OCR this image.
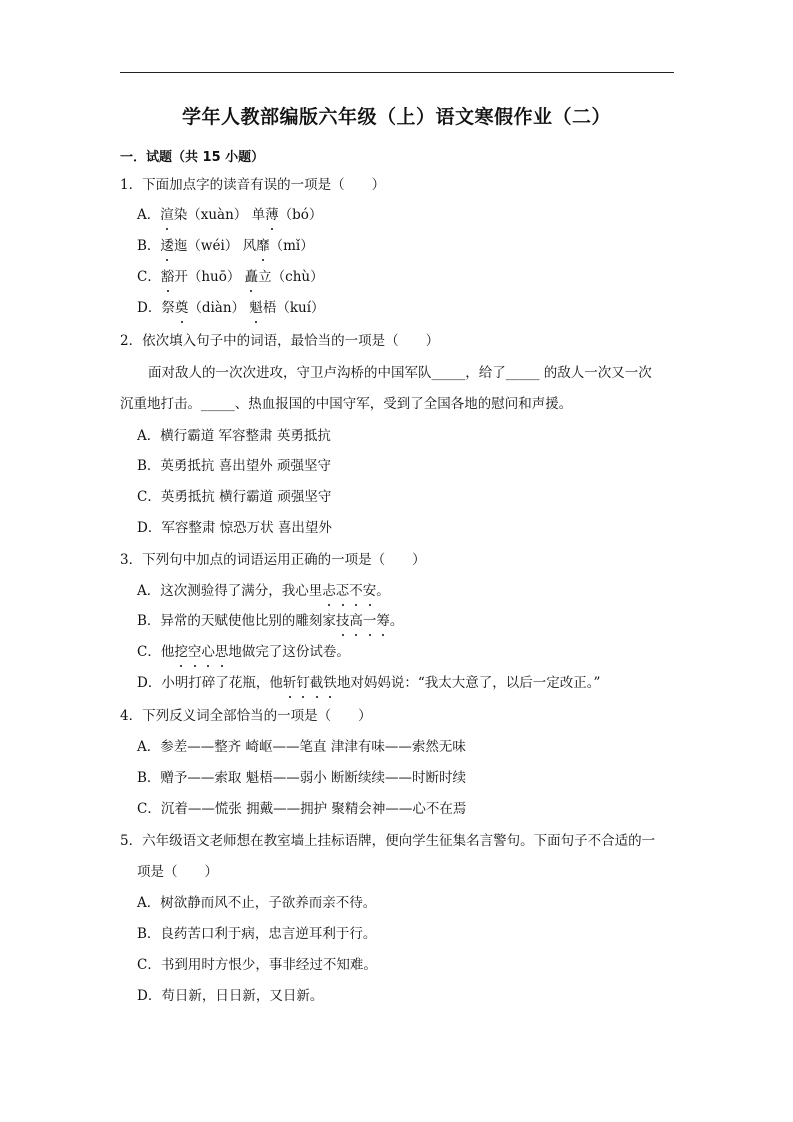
学年人教部编版六年级（上）语文寒假作业（二）
一．试题（共 15 小题）
1．下面加点字的读音有误的一项是（　　）
A．渲染（xuàn） 单薄（bó）
B．逶迤（wéi） 风靡（mǐ）
C．豁开（huō） 矗立（chù）
D．祭奠（diàn） 魁梧（kuí）
2．依次填入句子中的词语，最恰当的一项是（　　）
面对敌人的一次次进攻，守卫卢沟桥的中国军队_____，给了_____ 的敌人一次又一次
沉重地打击。_____、热血报国的中国守军，受到了全国各地的慰问和声援。
A．横行霸道 军容整肃 英勇抵抗
B．英勇抵抗 喜出望外 顽强坚守
C．英勇抵抗 横行霸道 顽强坚守
D．军容整肃 惊恐万状 喜出望外
3．下列句中加点的词语运用正确的一项是（　　）
A．这次测验得了满分，我心里忐忑不安。
B．异常的天赋使他比别的雕刻家技高一筹。
C．他挖空心思地做完了这份试卷。
D．小明打碎了花瓶，他斩钉截铁地对妈妈说：“我太大意了，以后一定改正。”
4．下列反义词全部恰当的一项是（　　）
A．参差——整齐 崎岖——笔直 津津有味——索然无味
B．赠予——索取 魁梧——弱小 断断续续——时断时续
C．沉着——慌张 拥戴——拥护 聚精会神——心不在焉
5．六年级语文老师想在教室墙上挂标语牌，便向学生征集名言警句。下面句子不合适的一
项是（　　）
A．树欲静而风不止，子欲养而亲不待。
B．良药苦口利于病，忠言逆耳利于行。
C．书到用时方恨少，事非经过不知难。
D．苟日新，日日新，又日新。
